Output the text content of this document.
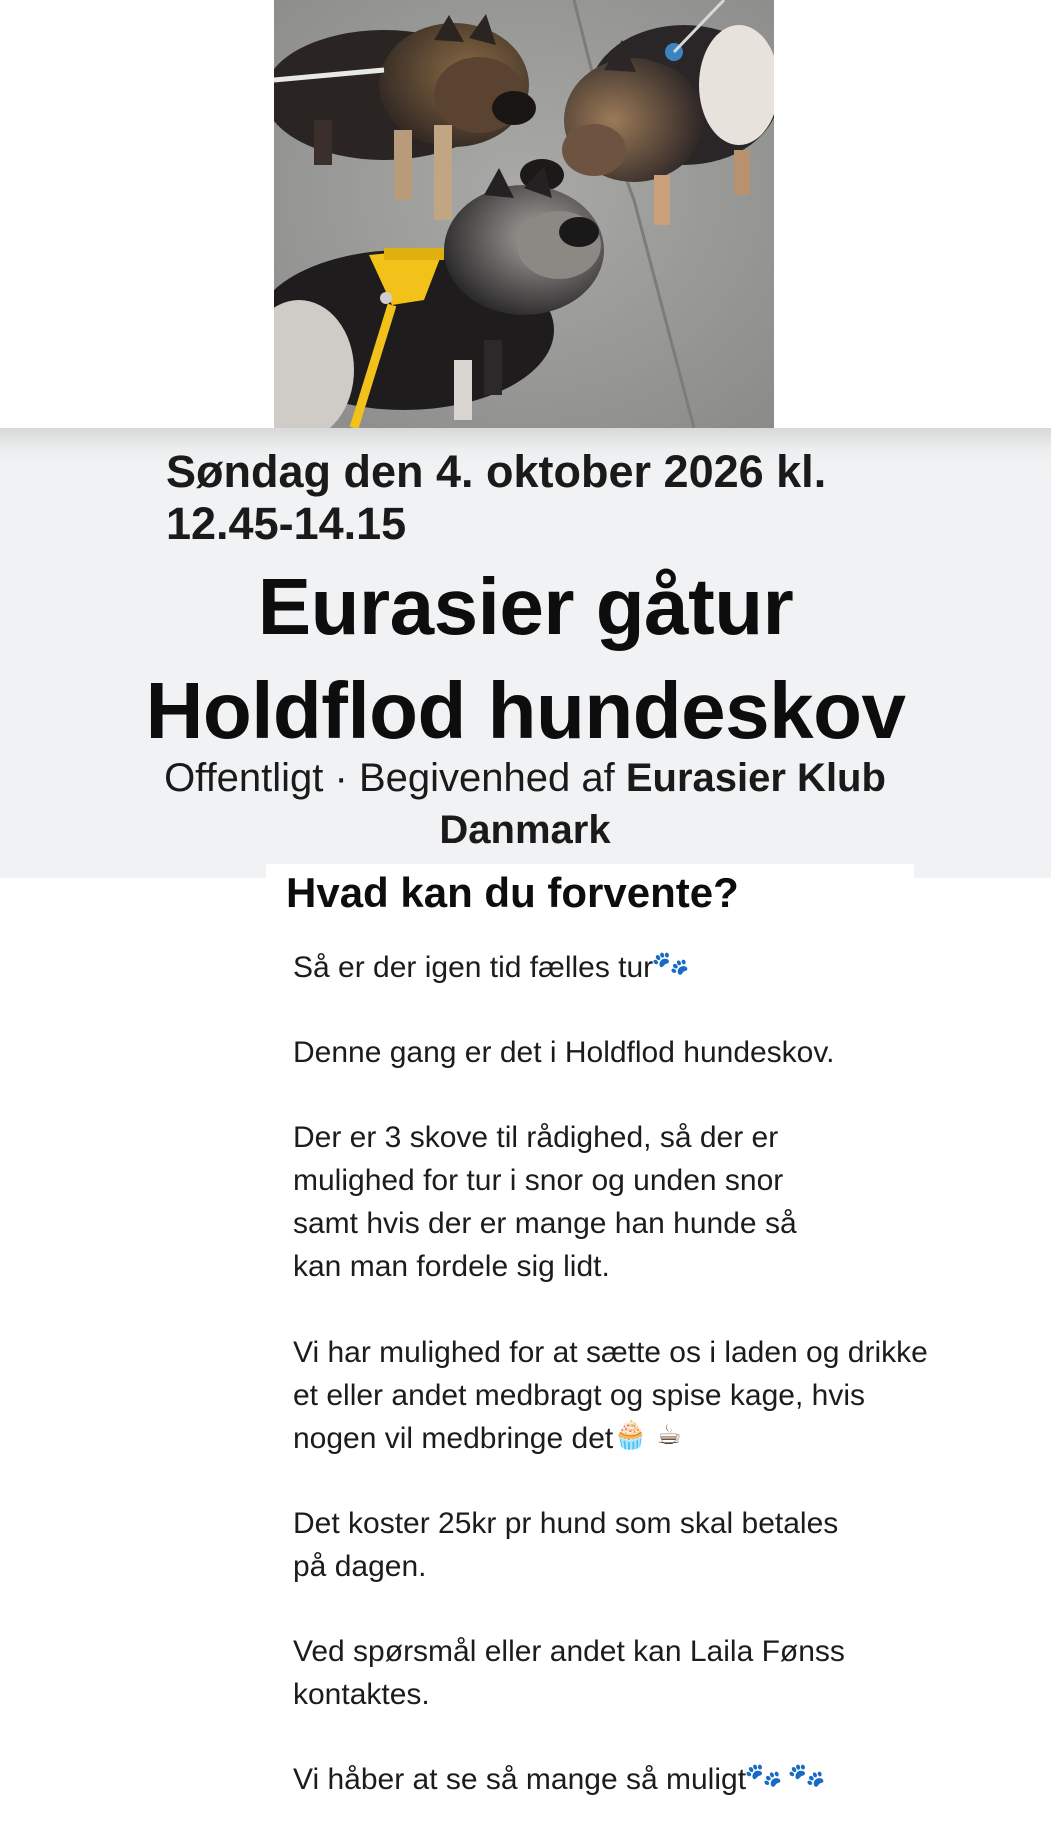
Søndag den 4. oktober 2026 kl. 12.45-14.15
Eurasier gåtur
Holdflod hundeskov

Offentligt · Begivenhed af Eurasier Klub Danmark

Hvad kan du forvente?

Så er der igen tid fælles tur🐾

Denne gang er det i Holdflod hundeskov.

Der er 3 skove til rådighed, så der er mulighed for tur i snor og unden snor samt hvis der er mange han hunde så kan man fordele sig lidt.

Vi har mulighed for at sætte os i laden og drikke et eller andet medbragt og spise kage, hvis nogen vil medbringe det🧁 ☕

Det koster 25kr pr hund som skal betales på dagen.

Ved spørsmål eller andet kan Laila Fønss kontaktes.

Vi håber at se så mange så muligt🐾 🐾
